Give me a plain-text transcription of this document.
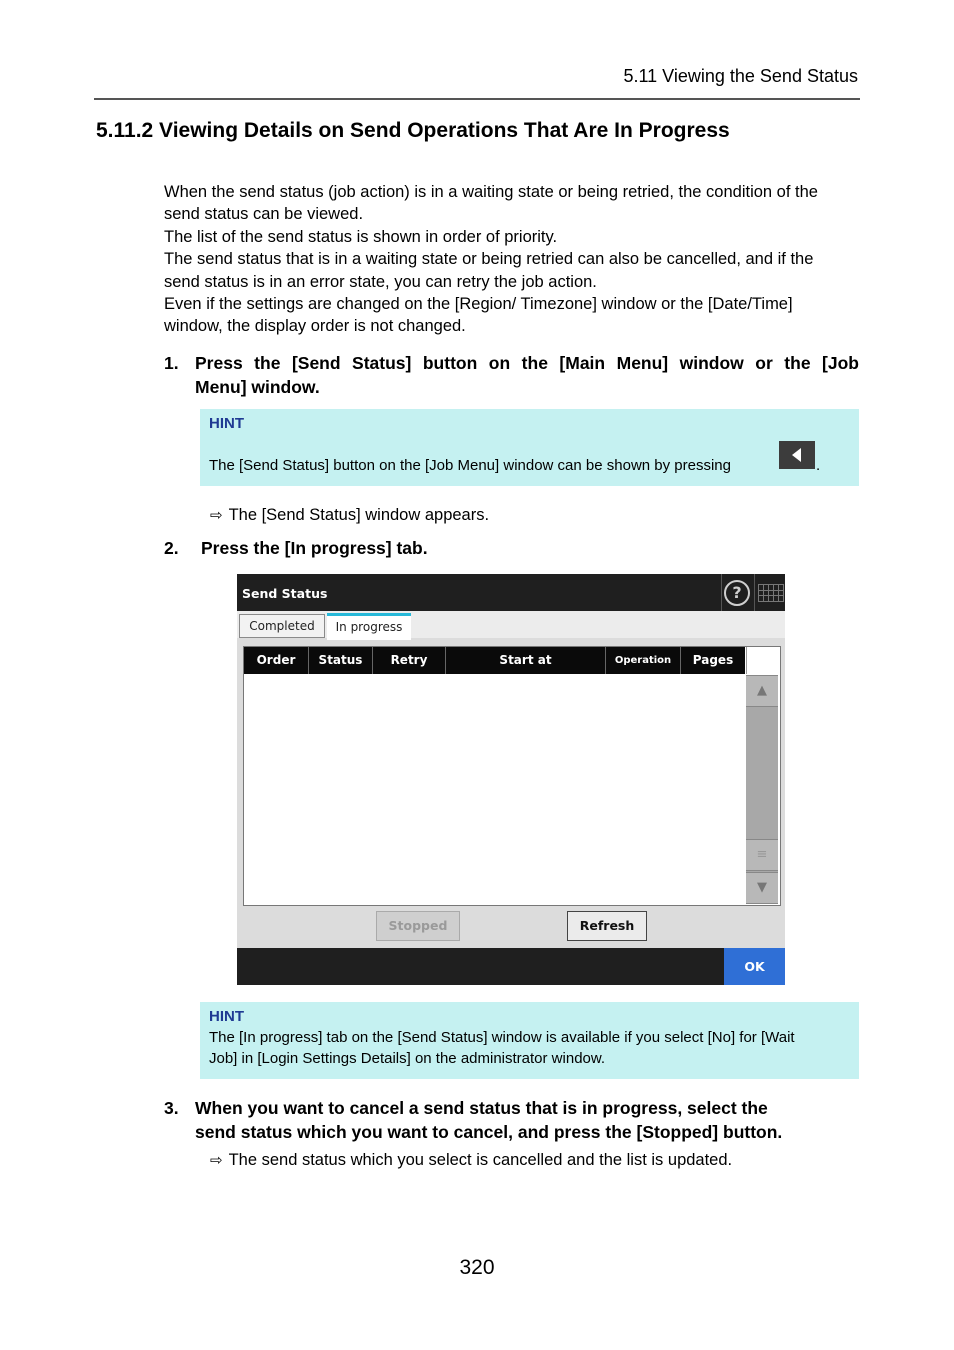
5.11 Viewing the Send Status
5.11.2 Viewing Details on Send Operations That Are In Progress
When the send status (job action) is in a waiting state or being retried, the condition of the
send status can be viewed.
The list of the send status is shown in order of priority.
The send status that is in a waiting state or being retried can also be cancelled, and if the
send status is in an error state, you can retry the job action.
Even if the settings are changed on the [Region/ Timezone] window or the [Date/Time]
window, the display order is not changed.
1. Press the [Send Status] button on the [Main Menu] window or the [Job
Menu] window.
HINT
The [Send Status] button on the [Job Menu] window can be shown by pressing	.
⇨ The [Send Status] window appears.
2. Press the [In progress] tab.
Send Status	?
Completed	In progress
Order	Status	Retry	Start at	Operation	Pages
▲
≡
▼
Stopped	Refresh
OK
HINT
The [In progress] tab on the [Send Status] window is available if you select [No] for [Wait
Job] in [Login Settings Details] on the administrator window.
3. When you want to cancel a send status that is in progress, select the
send status which you want to cancel, and press the [Stopped] button.
⇨ The send status which you select is cancelled and the list is updated.
320
